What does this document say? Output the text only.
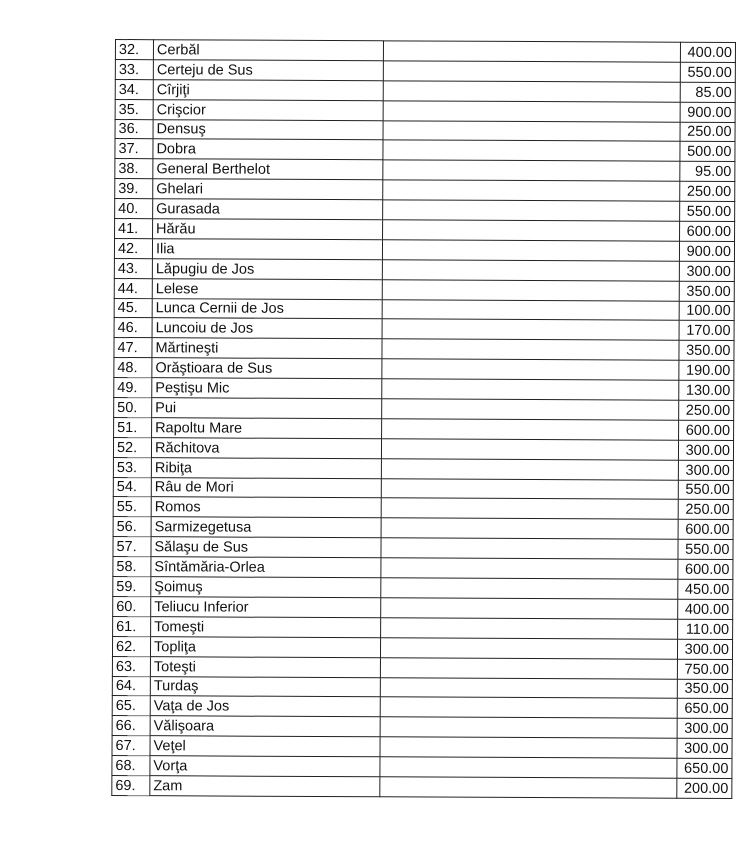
32.	Cerbăl		400.00
33.	Certeju de Sus		550.00
34.	Cîrjiţi		85.00
35.	Crişcior		900.00
36.	Densuş		250.00
37.	Dobra		500.00
38.	General Berthelot		95.00
39.	Ghelari		250.00
40.	Gurasada		550.00
41.	Hărău		600.00
42.	Ilia		900.00
43.	Lăpugiu de Jos		300.00
44.	Lelese		350.00
45.	Lunca Cernii de Jos		100.00
46.	Luncoiu de Jos		170.00
47.	Mărtineşti		350.00
48.	Orăştioara de Sus		190.00
49.	Peştişu Mic		130.00
50.	Pui		250.00
51.	Rapoltu Mare		600.00
52.	Răchitova		300.00
53.	Ribiţa		300.00
54.	Râu de Mori		550.00
55.	Romos		250.00
56.	Sarmizegetusa		600.00
57.	Sălaşu de Sus		550.00
58.	Sîntămăria-Orlea		600.00
59.	Şoimuş		450.00
60.	Teliucu Inferior		400.00
61.	Tomeşti		110.00
62.	Topliţa		300.00
63.	Toteşti		750.00
64.	Turdaş		350.00
65.	Vaţa de Jos		650.00
66.	Vălişoara		300.00
67.	Veţel		300.00
68.	Vorţa		650.00
69.	Zam		200.00
